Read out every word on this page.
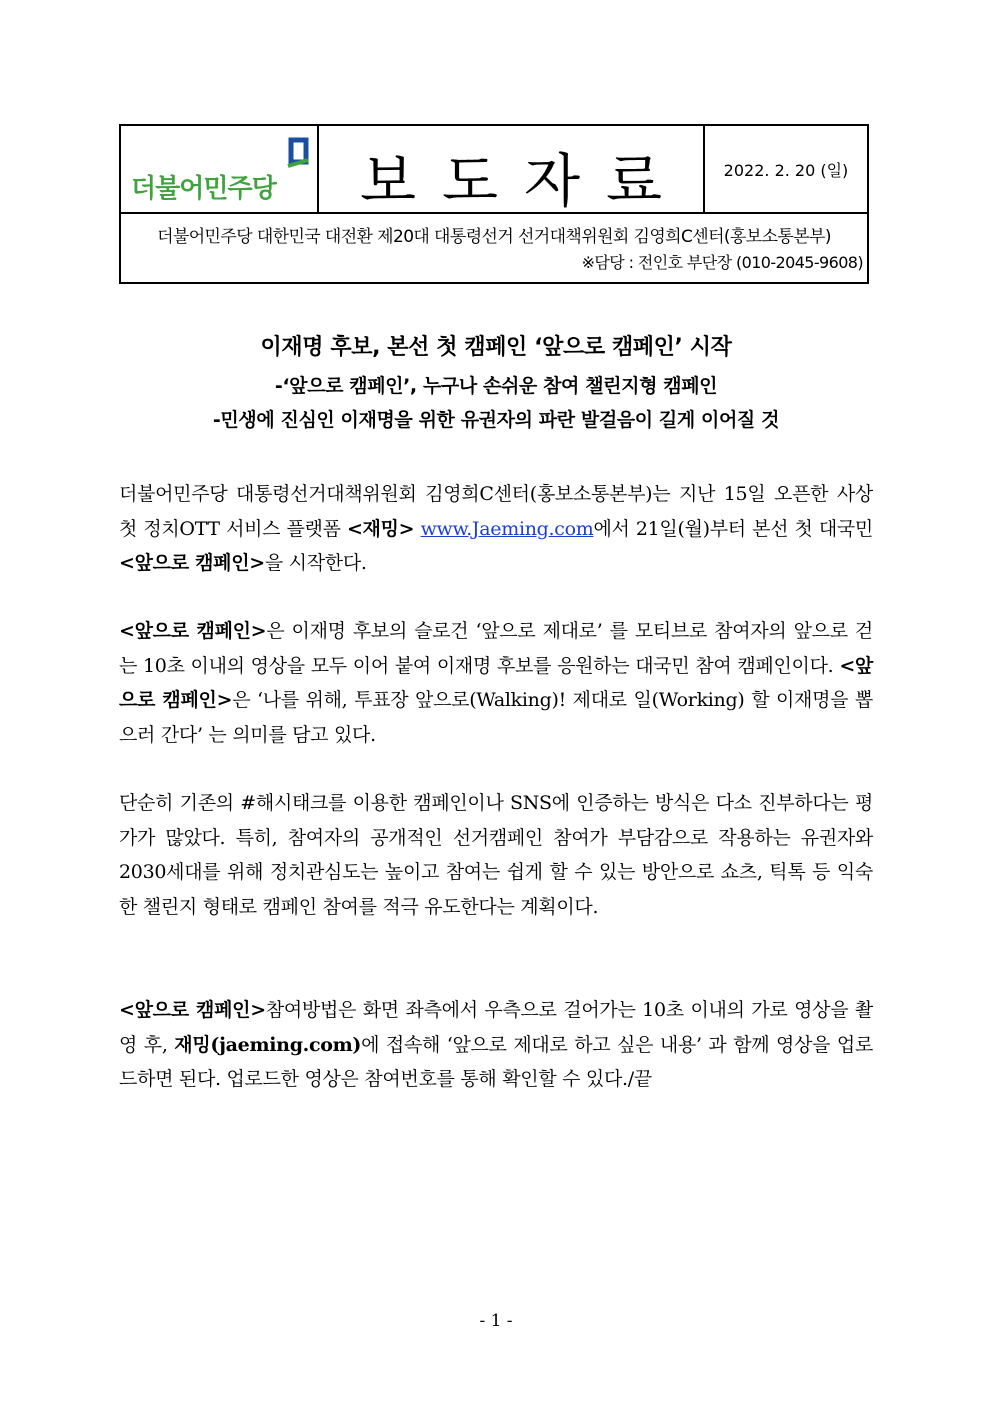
더불어민주당	보도자료	2022. 2. 20 (일)
더불어민주당 대한민국 대전환 제20대 대통령선거 선거대책위원회 김영희C센터(홍보소통본부)
※담당 : 전인호 부단장 (010-2045-9608)
이재명 후보, 본선 첫 캠페인 ‘앞으로 캠페인’ 시작
-‘앞으로 캠페인’, 누구나 손쉬운 참여 챌린지형 캠페인
-민생에 진심인 이재명을 위한 유권자의 파란 발걸음이 길게 이어질 것
더불어민주당 대통령선거대책위원회 김영희C센터(홍보소통본부)는 지난 15일 오픈한 사상 첫 정치OTT 서비스 플랫폼 <재밍> www.Jaeming.com에서 21일(월)부터 본선 첫 대국민 <앞으로 캠페인>을 시작한다.
<앞으로 캠페인>은 이재명 후보의 슬로건 ‘앞으로 제대로’ 를 모티브로 참여자의 앞으로 걷는 10초 이내의 영상을 모두 이어 붙여 이재명 후보를 응원하는 대국민 참여 캠페인이다. <앞으로 캠페인>은 ‘나를 위해, 투표장 앞으로(Walking)! 제대로 일(Working) 할 이재명을 뽑으러 간다’ 는 의미를 담고 있다.
단순히 기존의 #해시태크를 이용한 캠페인이나 SNS에 인증하는 방식은 다소 진부하다는 평가가 많았다. 특히, 참여자의 공개적인 선거캠페인 참여가 부담감으로 작용하는 유권자와 2030세대를 위해 정치관심도는 높이고 참여는 쉽게 할 수 있는 방안으로 쇼츠, 틱톡 등 익숙한 챌린지 형태로 캠페인 참여를 적극 유도한다는 계획이다.
<앞으로 캠페인>참여방법은 화면 좌측에서 우측으로 걸어가는 10초 이내의 가로 영상을 촬영 후, 재밍(jaeming.com)에 접속해 ‘앞으로 제대로 하고 싶은 내용’ 과 함께 영상을 업로드하면 된다. 업로드한 영상은 참여번호를 통해 확인할 수 있다./끝
- 1 -
